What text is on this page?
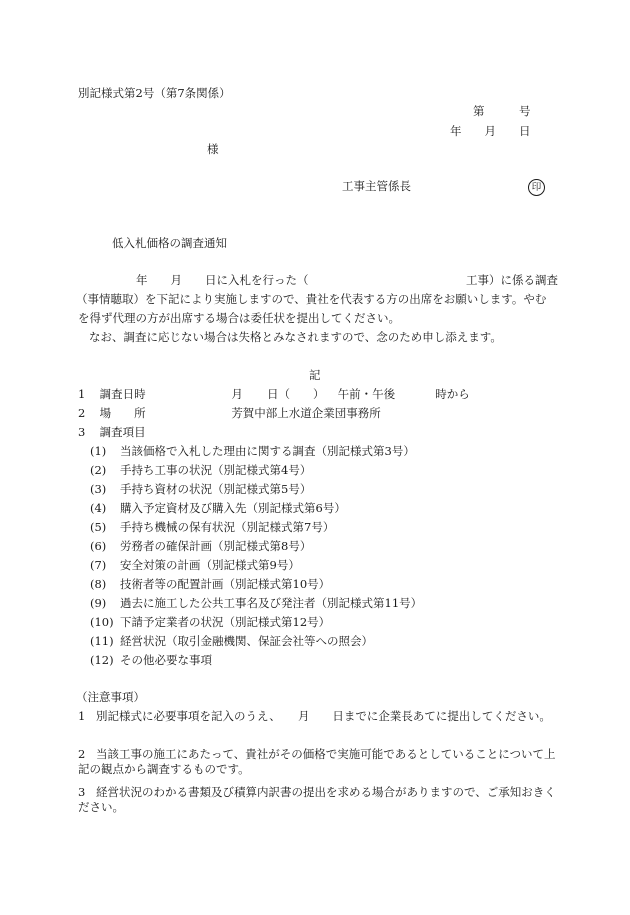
別記様式第2号（第7条関係）
第　　　号
年　　月　　日
様
工事主管係長	印
低入札価格の調査通知
年　　月　　日に入札を行った（	工事）に係る調査
（事情聴取）を下記により実施しますので、貴社を代表する方の出席をお願いします。やむ
を得ず代理の方が出席する場合は委任状を提出してください。
なお、調査に応じない場合は失格とみなされますので、念のため申し添えます。
記
1 調査日時	月 日（　　） 午前・午後	時から
2 場　　所	芳賀中部上水道企業団事務所
3 調査項目
(1) 当該価格で入札した理由に関する調査（別記様式第3号）
(2) 手持ち工事の状況（別記様式第4号）
(3) 手持ち資材の状況（別記様式第5号）
(4) 購入予定資材及び購入先（別記様式第6号）
(5) 手持ち機械の保有状況（別記様式第7号）
(6) 労務者の確保計画（別記様式第8号）
(7) 安全対策の計画（別記様式第9号）
(8) 技術者等の配置計画（別記様式第10号）
(9) 過去に施工した公共工事名及び発注者（別記様式第11号）
(10) 下請予定業者の状況（別記様式第12号）
(11) 経営状況（取引金融機関、保証会社等への照会）
(12) その他必要な事項
（注意事項）
1 別記様式に必要事項を記入のうえ、　　月　　日までに企業長あてに提出してください。
2 当該工事の施工にあたって、貴社がその価格で実施可能であるとしていることについて上記の観点から調査するものです。
3 経営状況のわかる書類及び積算内訳書の提出を求める場合がありますので、ご承知おきください。
